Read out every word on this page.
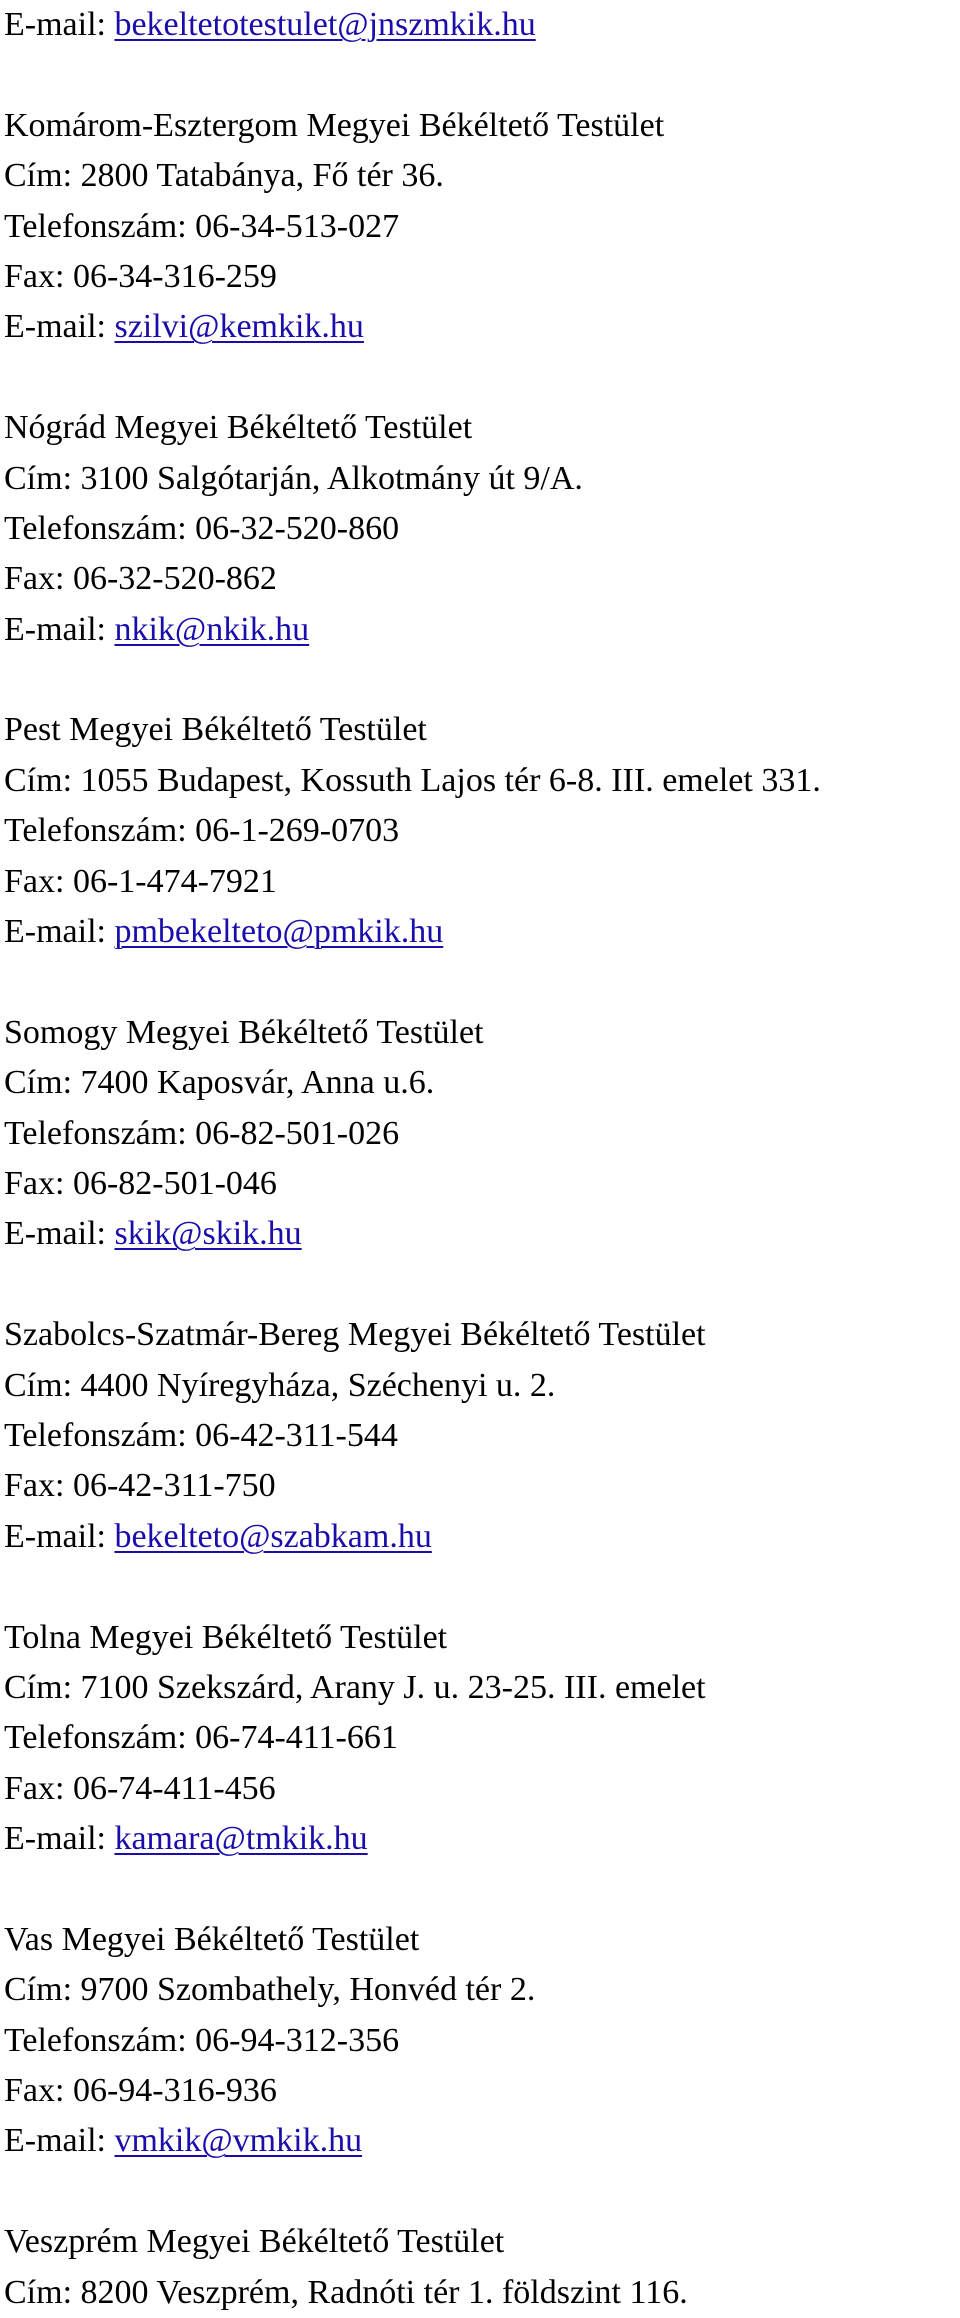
E-mail: bekeltetotestulet@jnszmkik.hu
Komárom-Esztergom Megyei Békéltető Testület
Cím: 2800 Tatabánya, Fő tér 36.
Telefonszám: 06-34-513-027
Fax: 06-34-316-259
E-mail: szilvi@kemkik.hu
Nógrád Megyei Békéltető Testület
Cím: 3100 Salgótarján, Alkotmány út 9/A.
Telefonszám: 06-32-520-860
Fax: 06-32-520-862
E-mail: nkik@nkik.hu
Pest Megyei Békéltető Testület
Cím: 1055 Budapest, Kossuth Lajos tér 6-8. III. emelet 331.
Telefonszám: 06-1-269-0703
Fax: 06-1-474-7921
E-mail: pmbekelteto@pmkik.hu
Somogy Megyei Békéltető Testület
Cím: 7400 Kaposvár, Anna u.6.
Telefonszám: 06-82-501-026
Fax: 06-82-501-046
E-mail: skik@skik.hu
Szabolcs-Szatmár-Bereg Megyei Békéltető Testület
Cím: 4400 Nyíregyháza, Széchenyi u. 2.
Telefonszám: 06-42-311-544
Fax: 06-42-311-750
E-mail: bekelteto@szabkam.hu
Tolna Megyei Békéltető Testület
Cím: 7100 Szekszárd, Arany J. u. 23-25. III. emelet
Telefonszám: 06-74-411-661
Fax: 06-74-411-456
E-mail: kamara@tmkik.hu
Vas Megyei Békéltető Testület
Cím: 9700 Szombathely, Honvéd tér 2.
Telefonszám: 06-94-312-356
Fax: 06-94-316-936
E-mail: vmkik@vmkik.hu
Veszprém Megyei Békéltető Testület
Cím: 8200 Veszprém, Radnóti tér 1. földszint 116.
